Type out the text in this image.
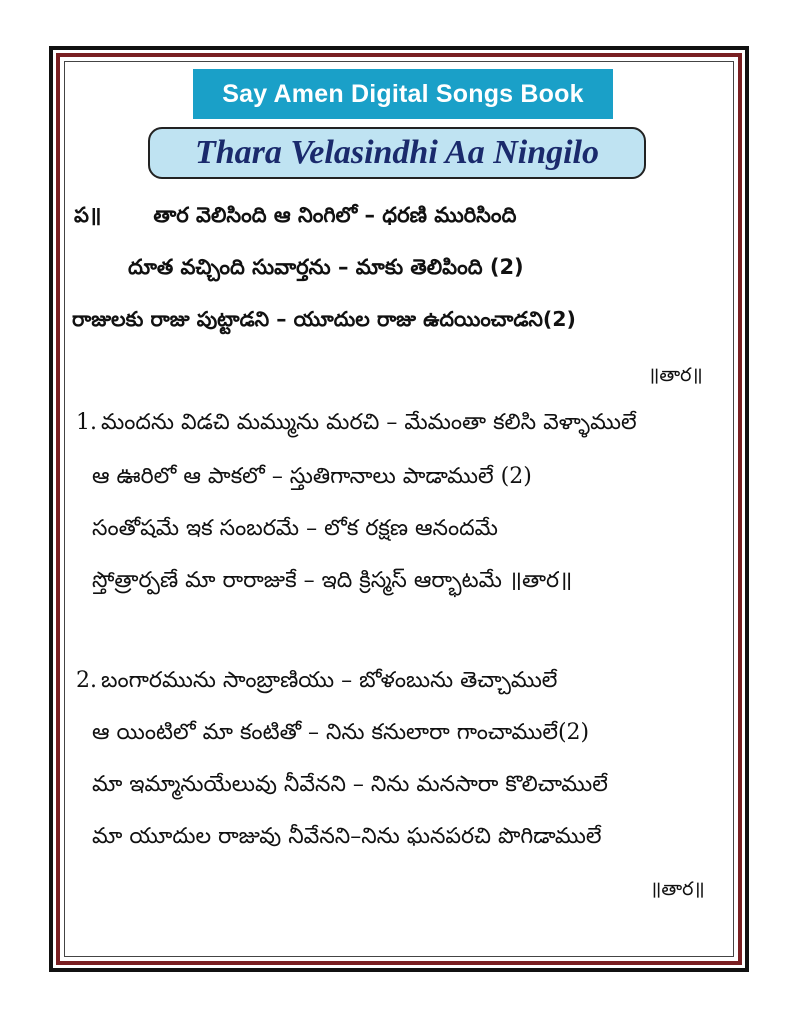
Say Amen Digital Songs Book
Thara Velasindhi Aa Ningilo
ప॥ తార వెలిసింది ఆ నింగిలో – ధరణి మురిసింది
దూత వచ్చింది సువార్తను – మాకు తెలిపింది (2)
రాజులకు రాజు పుట్టాడని – యూదుల రాజు ఉదయించాడని(2)
॥తార॥
1. మందను విడచి మమ్మును మరచి – మేమంతా కలిసి వెళ్ళాములే
ఆ ఊరిలో ఆ పాకలో – స్తుతిగానాలు పాడాములే (2)
సంతోషమే ఇక సంబరమే – లోక రక్షణ ఆనందమే
స్తోత్రార్పణే మా రారాజుకే – ఇది క్రిస్మస్ ఆర్భాటమే ॥తార॥
2. బంగారమును సాంబ్రాణియు – బోళంబును తెచ్చాములే
ఆ యింటిలో మా కంటితో – నిను కనులారా గాంచాములే(2)
మా ఇమ్మానుయేలువు నీవేనని – నిను మనసారా కొలిచాములే
మా యూదుల రాజువు నీవేనని–నిను ఘనపరచి పొగిడాములే
॥తార॥
